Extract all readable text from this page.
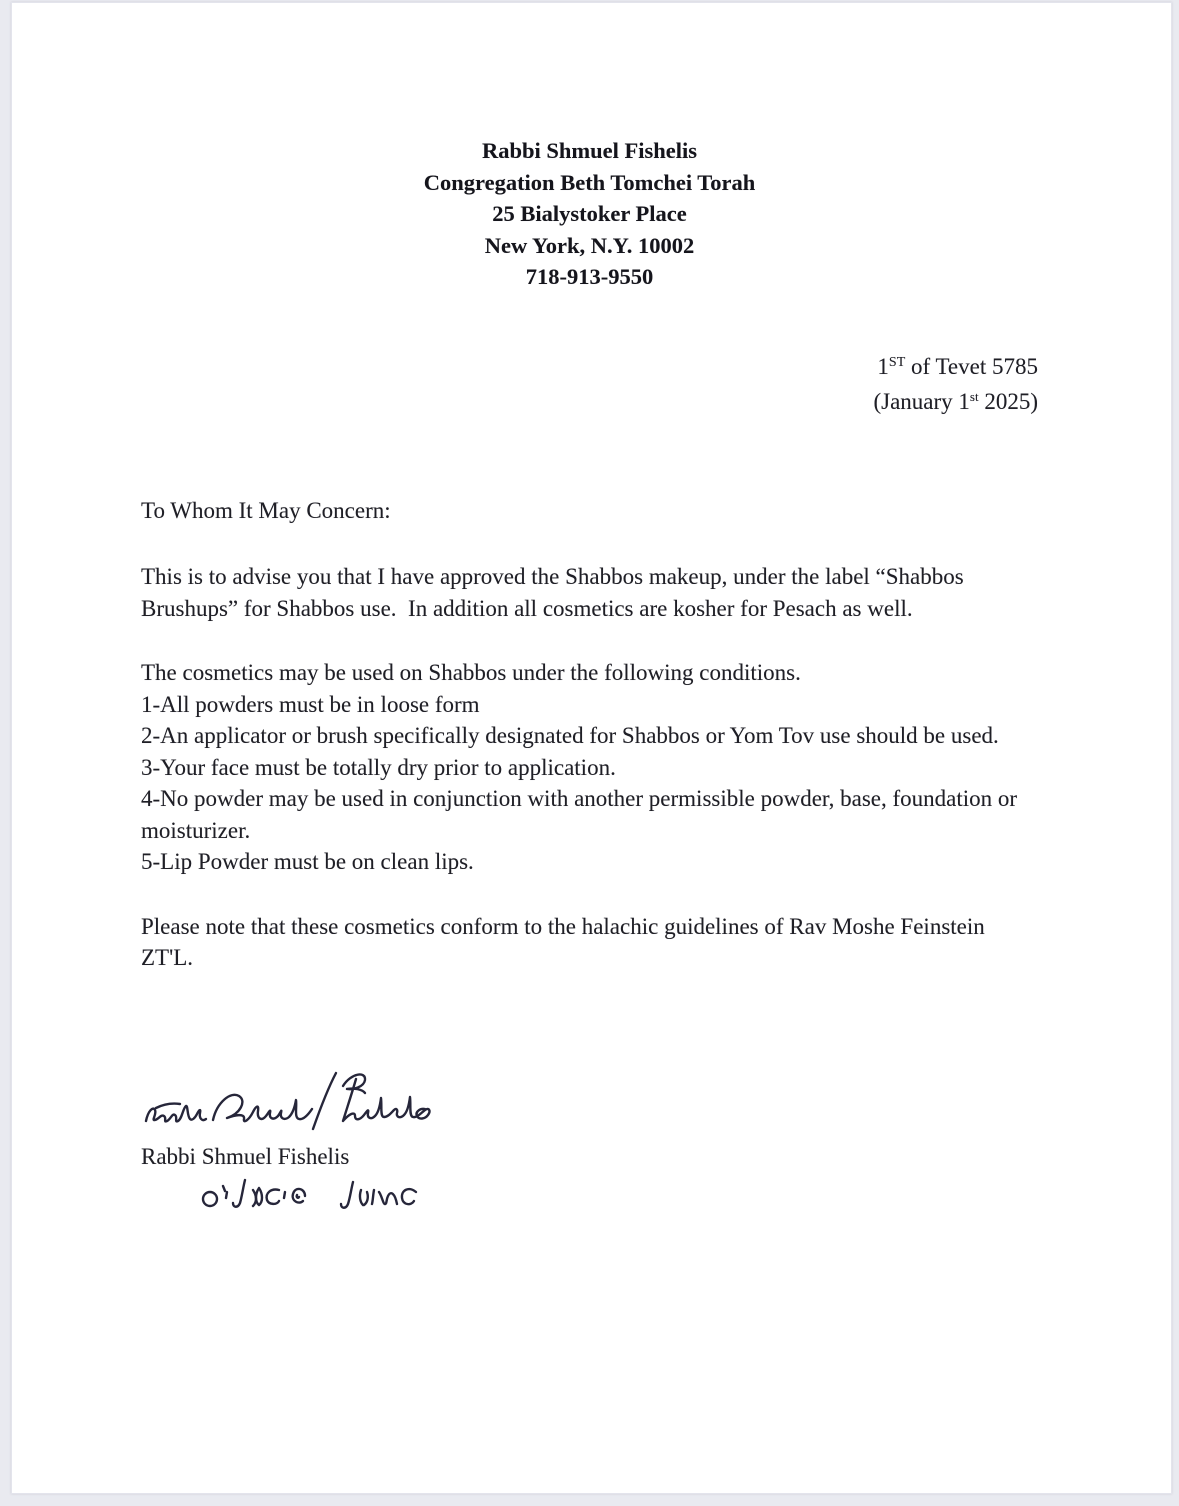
Rabbi Shmuel Fishelis
Congregation Beth Tomchei Torah
25 Bialystoker Place
New York, N.Y. 10002
718-913-9550
1ST of Tevet 5785
(January 1st 2025)

To Whom It May Concern:

This is to advise you that I have approved the Shabbos makeup, under the label “Shabbos Brushups” for Shabbos use.  In addition all cosmetics are kosher for Pesach as well.

The cosmetics may be used on Shabbos under the following conditions.

1-All powders must be in loose form

2-An applicator or brush specifically designated for Shabbos or Yom Tov use should be used.

3-Your face must be totally dry prior to application.

4-No powder may be used in conjunction with another permissible powder, base, foundation or moisturizer.

5-Lip Powder must be on clean lips.

Please note that these cosmetics conform to the halachic guidelines of Rav Moshe Feinstein ZT'L.

Rabbi Shmuel Fishelis
